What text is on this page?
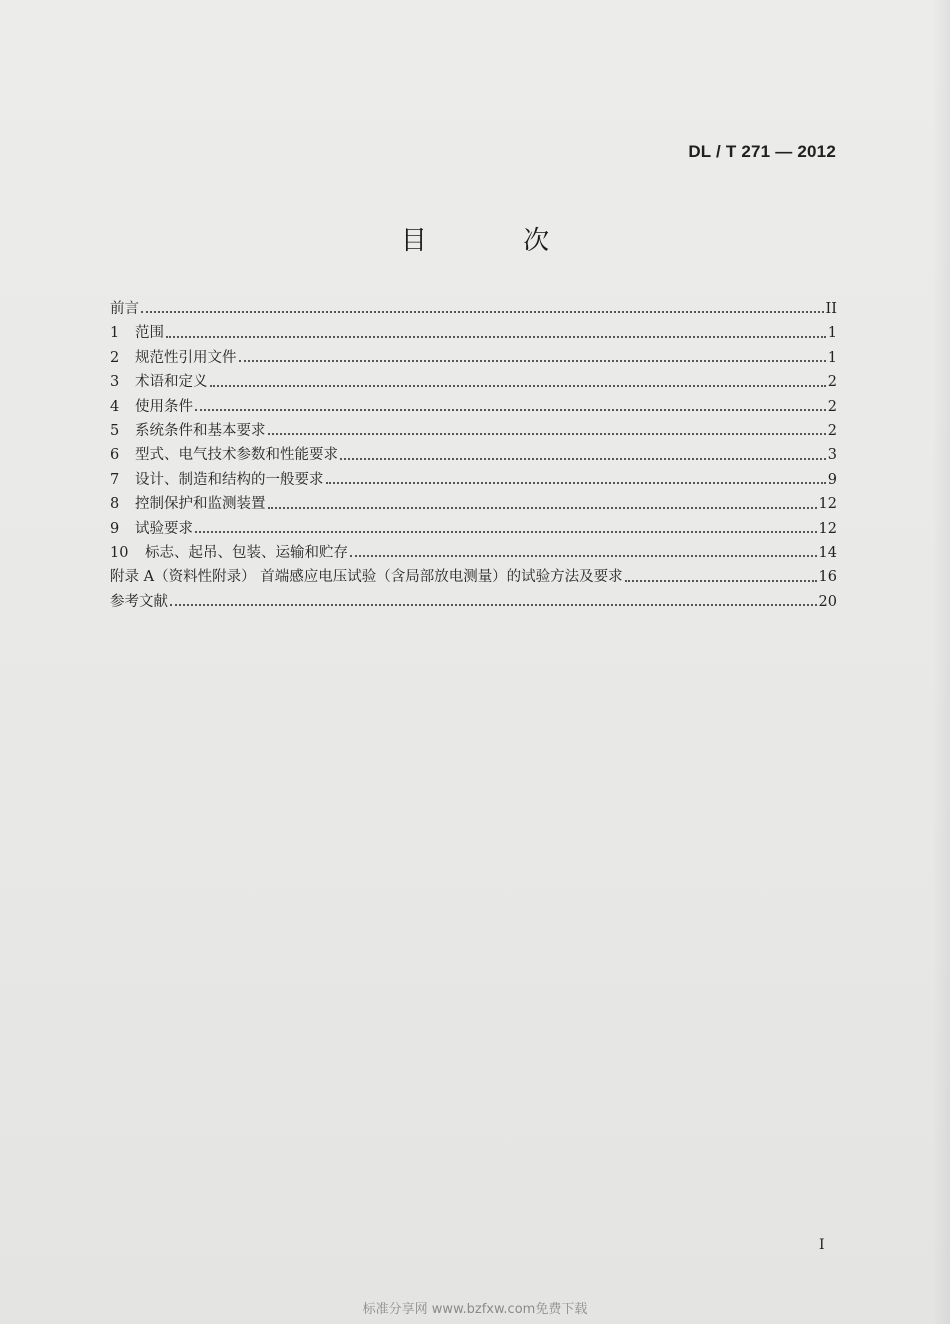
DL / T 271 — 2012
目 次
前言	II
1	范围	1
2	规范性引用文件	1
3	术语和定义	2
4	使用条件	2
5	系统条件和基本要求	2
6	型式、电气技术参数和性能要求	3
7	设计、制造和结构的一般要求	9
8	控制保护和监测装置	12
9	试验要求	12
10	标志、起吊、包装、运输和贮存	14
附录 A（资料性附录） 首端感应电压试验（含局部放电测量）的试验方法及要求	16
参考文献	20
I
标准分享网 www.bzfxw.com免费下载
